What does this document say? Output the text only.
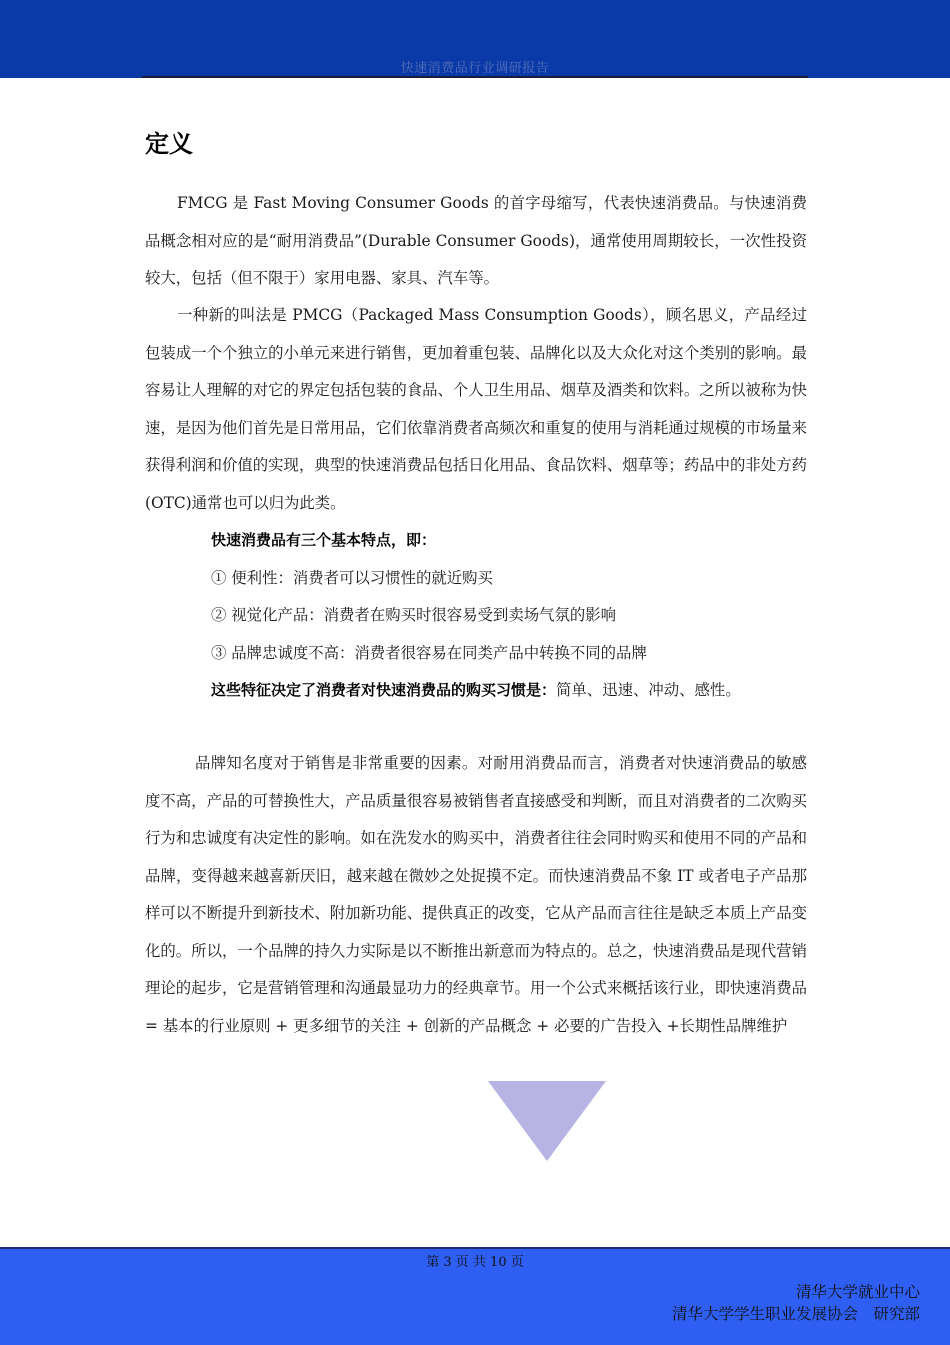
快速消费品行业调研报告
定义

FMCG 是 Fast Moving Consumer Goods 的首字母缩写，代表快速消费品。与快速消费品概念相对应的是“耐用消费品”(Durable Consumer Goods)，通常使用周期较长，一次性投资较大，包括（但不限于）家用电器、家具、汽车等。

一种新的叫法是 PMCG（Packaged Mass Consumption Goods），顾名思义，产品经过包装成一个个独立的小单元来进行销售，更加着重包装、品牌化以及大众化对这个类别的影响。最容易让人理解的对它的界定包括包装的食品、个人卫生用品、烟草及酒类和饮料。之所以被称为快速，是因为他们首先是日常用品，它们依靠消费者高频次和重复的使用与消耗通过规模的市场量来获得利润和价值的实现，典型的快速消费品包括日化用品、食品饮料、烟草等；药品中的非处方药(OTC)通常也可以归为此类。

快速消费品有三个基本特点，即：
① 便利性：消费者可以习惯性的就近购买
② 视觉化产品：消费者在购买时很容易受到卖场气氛的影响
③ 品牌忠诚度不高：消费者很容易在同类产品中转换不同的品牌
这些特征决定了消费者对快速消费品的购买习惯是：简单、迅速、冲动、感性。

品牌知名度对于销售是非常重要的因素。对耐用消费品而言，消费者对快速消费品的敏感度不高，产品的可替换性大，产品质量很容易被销售者直接感受和判断，而且对消费者的二次购买行为和忠诚度有决定性的影响。如在洗发水的购买中，消费者往往会同时购买和使用不同的产品和品牌，变得越来越喜新厌旧，越来越在微妙之处捉摸不定。而快速消费品不象 IT 或者电子产品那样可以不断提升到新技术、附加新功能、提供真正的改变，它从产品而言往往是缺乏本质上产品变化的。所以，一个品牌的持久力实际是以不断推出新意而为特点的。总之，快速消费品是现代营销理论的起步，它是营销管理和沟通最显功力的经典章节。用一个公式来概括该行业，即快速消费品 = 基本的行业原则 + 更多细节的关注 + 创新的产品概念 + 必要的广告投入 +长期性品牌维护

第 3 页 共 10 页
清华大学就业中心
清华大学学生职业发展协会　研究部
